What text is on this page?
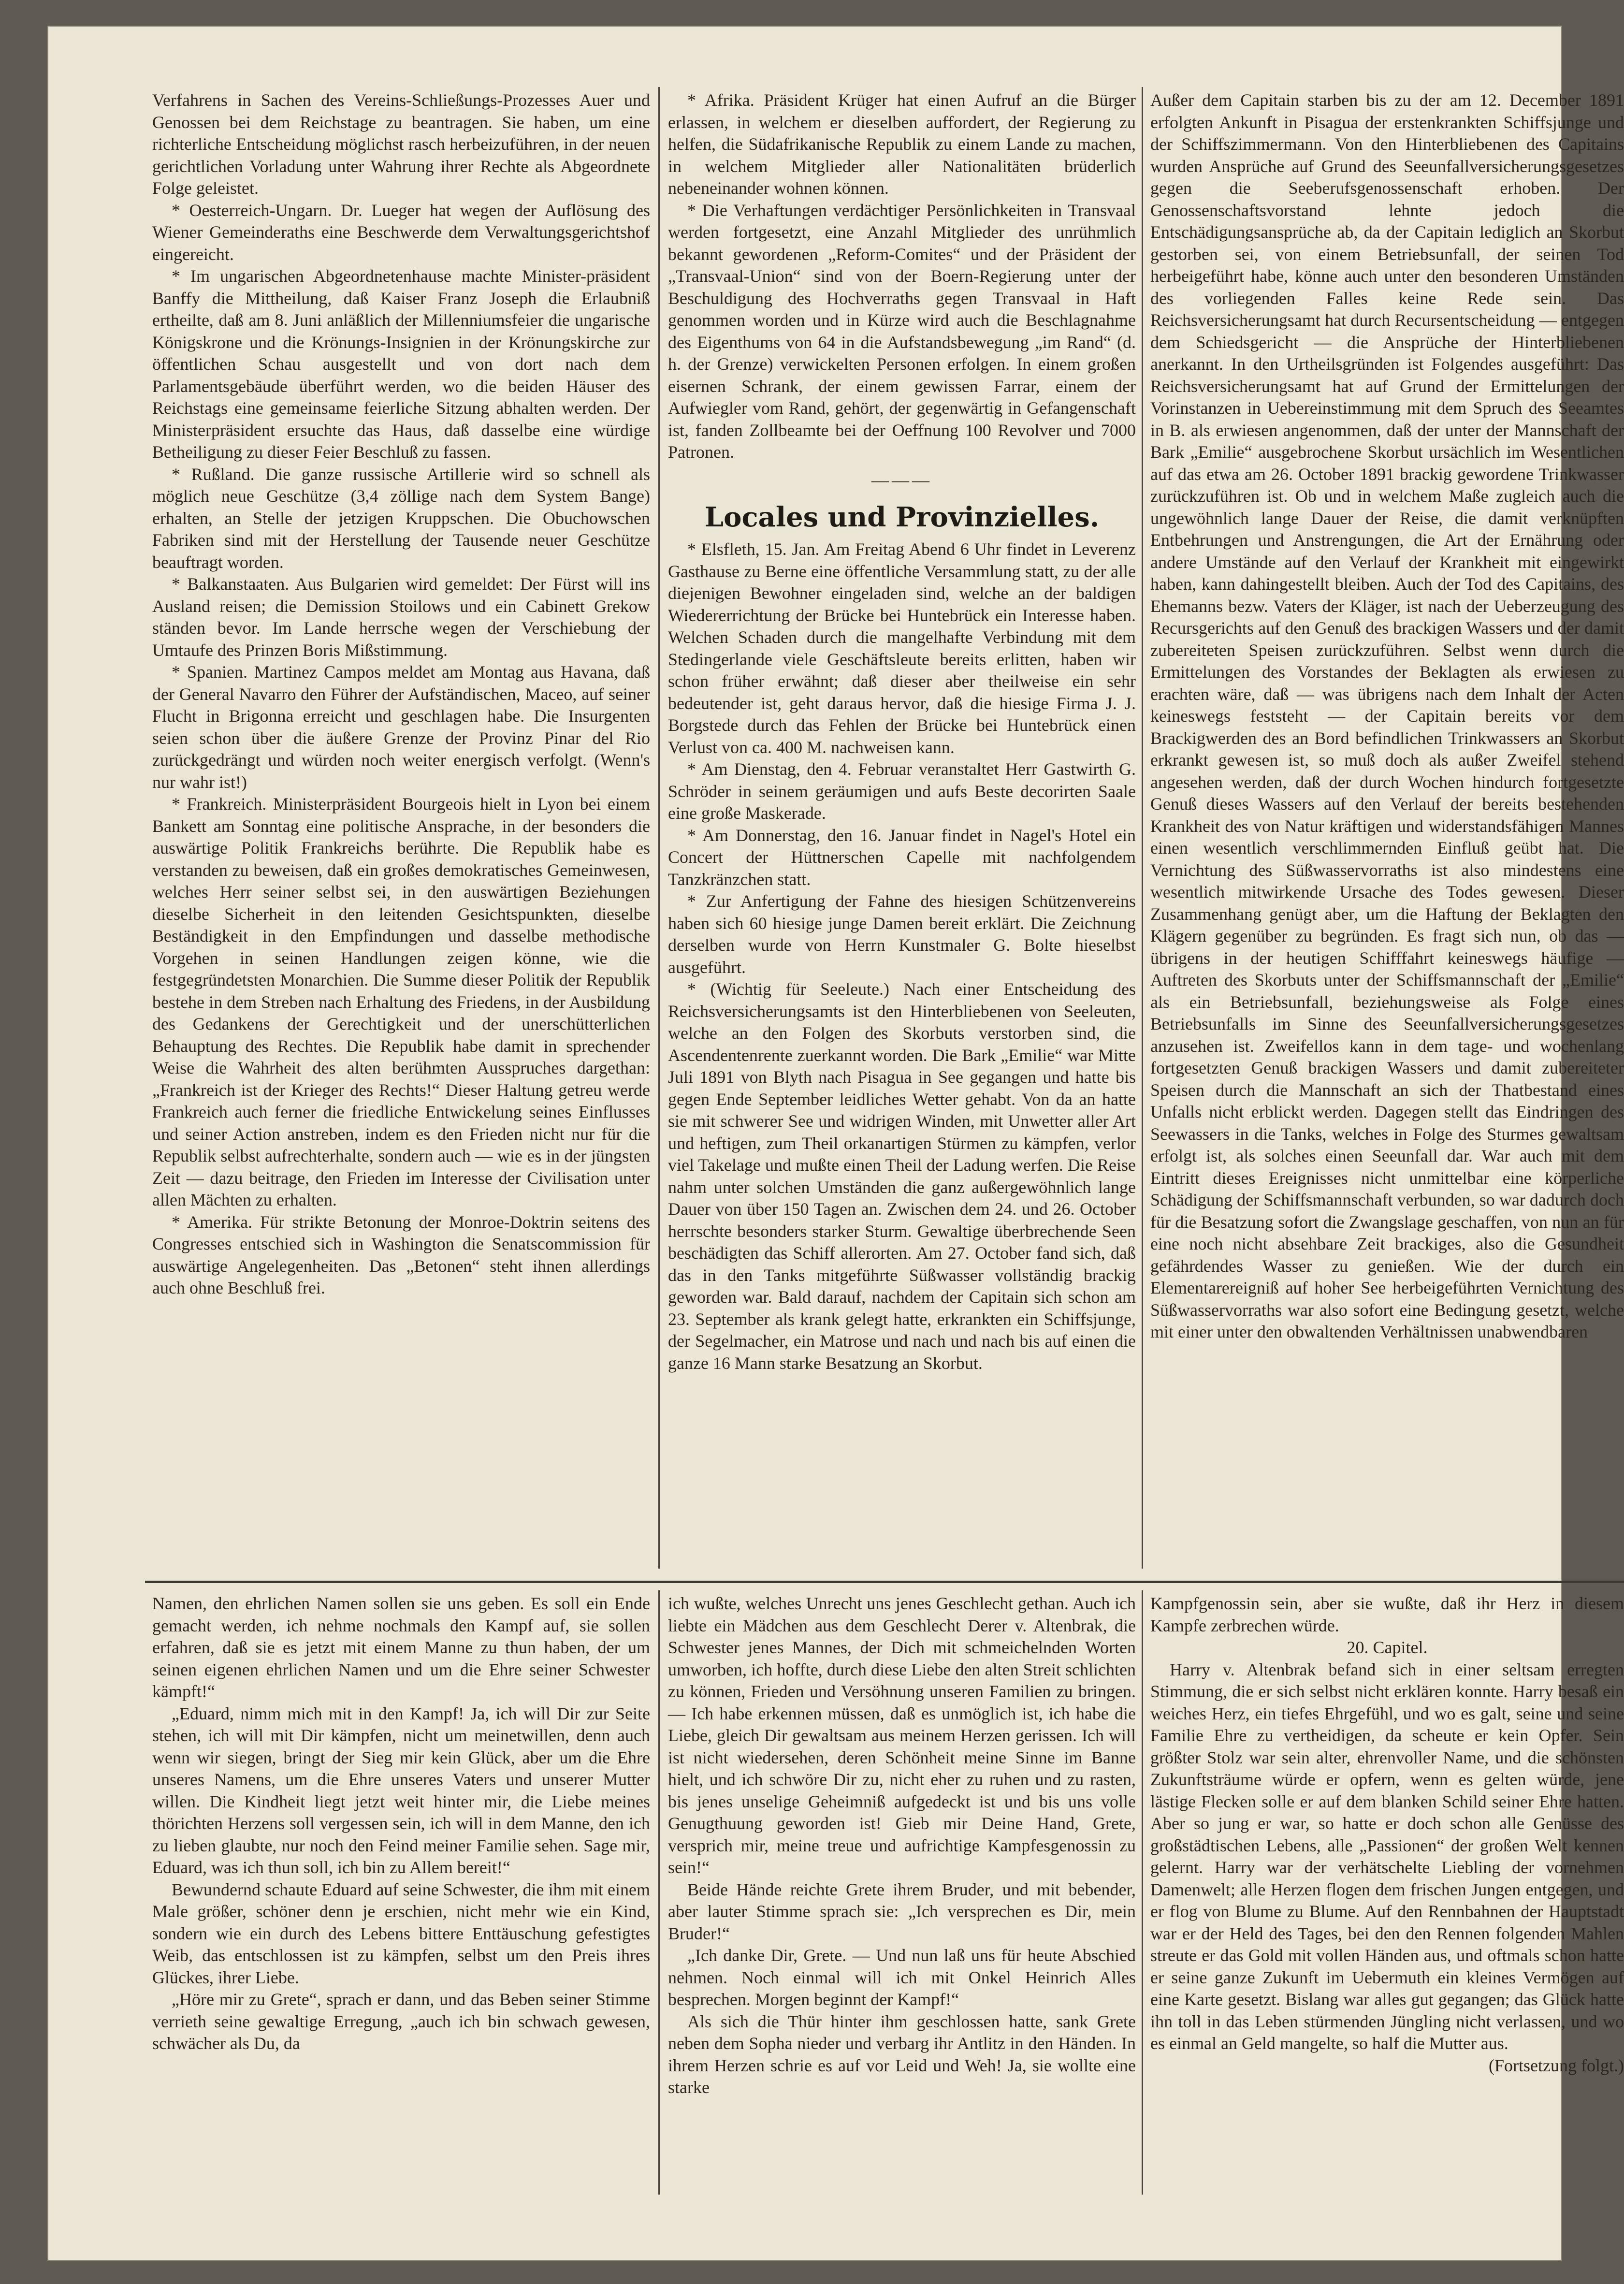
Verfahrens in Sachen des Vereins-Schließungs-Prozesses Auer und Genossen bei dem Reichstage zu beantragen. Sie haben, um eine richterliche Entscheidung möglichst rasch herbeizuführen, in der neuen gerichtlichen Vorladung unter Wahrung ihrer Rechte als Abgeordnete Folge geleistet.

* Oesterreich-Ungarn. Dr. Lueger hat wegen der Auflösung des Wiener Gemeinderaths eine Beschwerde dem Verwaltungsgerichtshof eingereicht.

* Im ungarischen Abgeordnetenhause machte Minister-präsident Banffy die Mittheilung, daß Kaiser Franz Joseph die Erlaubniß ertheilte, daß am 8. Juni anläßlich der Millenniumsfeier die ungarische Königskrone und die Krönungs-Insignien in der Krönungskirche zur öffentlichen Schau ausgestellt und von dort nach dem Parlamentsgebäude überführt werden, wo die beiden Häuser des Reichstags eine gemeinsame feierliche Sitzung abhalten werden. Der Ministerpräsident ersuchte das Haus, daß dasselbe eine würdige Betheiligung zu dieser Feier Beschluß zu fassen.

* Rußland. Die ganze russische Artillerie wird so schnell als möglich neue Geschütze (3,4 zöllige nach dem System Bange) erhalten, an Stelle der jetzigen Kruppschen. Die Obuchowschen Fabriken sind mit der Herstellung der Tausende neuer Geschütze beauftragt worden.

* Balkanstaaten. Aus Bulgarien wird gemeldet: Der Fürst will ins Ausland reisen; die Demission Stoilows und ein Cabinett Grekow ständen bevor. Im Lande herrsche wegen der Verschiebung der Umtaufe des Prinzen Boris Mißstimmung.

* Spanien. Martinez Campos meldet am Montag aus Havana, daß der General Navarro den Führer der Aufständischen, Maceo, auf seiner Flucht in Brigonna erreicht und geschlagen habe. Die Insurgenten seien schon über die äußere Grenze der Provinz Pinar del Rio zurückgedrängt und würden noch weiter energisch verfolgt. (Wenn's nur wahr ist!)

* Frankreich. Ministerpräsident Bourgeois hielt in Lyon bei einem Bankett am Sonntag eine politische Ansprache, in der besonders die auswärtige Politik Frankreichs berührte. Die Republik habe es verstanden zu beweisen, daß ein großes demokratisches Gemeinwesen, welches Herr seiner selbst sei, in den auswärtigen Beziehungen dieselbe Sicherheit in den leitenden Gesichtspunkten, dieselbe Beständigkeit in den Empfindungen und dasselbe methodische Vorgehen in seinen Handlungen zeigen könne, wie die festgegründetsten Monarchien. Die Summe dieser Politik der Republik bestehe in dem Streben nach Erhaltung des Friedens, in der Ausbildung des Gedankens der Gerechtigkeit und der unerschütterlichen Behauptung des Rechtes. Die Republik habe damit in sprechender Weise die Wahrheit des alten berühmten Ausspruches dargethan: „Frankreich ist der Krieger des Rechts!“ Dieser Haltung getreu werde Frankreich auch ferner die friedliche Entwickelung seines Einflusses und seiner Action anstreben, indem es den Frieden nicht nur für die Republik selbst aufrechterhalte, sondern auch — wie es in der jüngsten Zeit — dazu beitrage, den Frieden im Interesse der Civilisation unter allen Mächten zu erhalten.

* Amerika. Für strikte Betonung der Monroe-Doktrin seitens des Congresses entschied sich in Washington die Senatscommission für auswärtige Angelegenheiten. Das „Betonen“ steht ihnen allerdings auch ohne Beschluß frei.

* Afrika. Präsident Krüger hat einen Aufruf an die Bürger erlassen, in welchem er dieselben auffordert, der Regierung zu helfen, die Südafrikanische Republik zu einem Lande zu machen, in welchem Mitglieder aller Nationalitäten brüderlich nebeneinander wohnen können.

* Die Verhaftungen verdächtiger Persönlichkeiten in Transvaal werden fortgesetzt, eine Anzahl Mitglieder des unrühmlich bekannt gewordenen „Reform-Comites“ und der Präsident der „Transvaal-Union“ sind von der Boern-Regierung unter der Beschuldigung des Hochverraths gegen Transvaal in Haft genommen worden und in Kürze wird auch die Beschlagnahme des Eigenthums von 64 in die Aufstandsbewegung „im Rand“ (d. h. der Grenze) verwickelten Personen erfolgen. In einem großen eisernen Schrank, der einem gewissen Farrar, einem der Aufwiegler vom Rand, gehört, der gegenwärtig in Gefangenschaft ist, fanden Zollbeamte bei der Oeffnung 100 Revolver und 7000 Patronen.

———
Locales und Provinzielles.

* Elsfleth, 15. Jan. Am Freitag Abend 6 Uhr findet in Leverenz Gasthause zu Berne eine öffentliche Versammlung statt, zu der alle diejenigen Bewohner eingeladen sind, welche an der baldigen Wiedererrichtung der Brücke bei Huntebrück ein Interesse haben. Welchen Schaden durch die mangelhafte Verbindung mit dem Stedingerlande viele Geschäftsleute bereits erlitten, haben wir schon früher erwähnt; daß dieser aber theilweise ein sehr bedeutender ist, geht daraus hervor, daß die hiesige Firma J. J. Borgstede durch das Fehlen der Brücke bei Huntebrück einen Verlust von ca. 400 M. nachweisen kann.

* Am Dienstag, den 4. Februar veranstaltet Herr Gastwirth G. Schröder in seinem geräumigen und aufs Beste decorirten Saale eine große Maskerade.

* Am Donnerstag, den 16. Januar findet in Nagel's Hotel ein Concert der Hüttnerschen Capelle mit nachfolgendem Tanzkränzchen statt.

* Zur Anfertigung der Fahne des hiesigen Schützenvereins haben sich 60 hiesige junge Damen bereit erklärt. Die Zeichnung derselben wurde von Herrn Kunstmaler G. Bolte hieselbst ausgeführt.

* (Wichtig für Seeleute.) Nach einer Entscheidung des Reichsversicherungsamts ist den Hinterbliebenen von Seeleuten, welche an den Folgen des Skorbuts verstorben sind, die Ascendentenrente zuerkannt worden. Die Bark „Emilie“ war Mitte Juli 1891 von Blyth nach Pisagua in See gegangen und hatte bis gegen Ende September leidliches Wetter gehabt. Von da an hatte sie mit schwerer See und widrigen Winden, mit Unwetter aller Art und heftigen, zum Theil orkanartigen Stürmen zu kämpfen, verlor viel Takelage und mußte einen Theil der Ladung werfen. Die Reise nahm unter solchen Umständen die ganz außergewöhnlich lange Dauer von über 150 Tagen an. Zwischen dem 24. und 26. October herrschte besonders starker Sturm. Gewaltige überbrechende Seen beschädigten das Schiff allerorten. Am 27. October fand sich, daß das in den Tanks mitgeführte Süßwasser vollständig brackig geworden war. Bald darauf, nachdem der Capitain sich schon am 23. September als krank gelegt hatte, erkrankten ein Schiffsjunge, der Segelmacher, ein Matrose und nach und nach bis auf einen die ganze 16 Mann starke Besatzung an Skorbut.

Außer dem Capitain starben bis zu der am 12. December 1891 erfolgten Ankunft in Pisagua der erstenkrankten Schiffsjunge und der Schiffszimmermann. Von den Hinterbliebenen des Capitains wurden Ansprüche auf Grund des Seeunfallversicherungsgesetzes gegen die Seeberufsgenossenschaft erhoben. Der Genossenschaftsvorstand lehnte jedoch die Entschädigungsansprüche ab, da der Capitain lediglich an Skorbut gestorben sei, von einem Betriebsunfall, der seinen Tod herbeigeführt habe, könne auch unter den besonderen Umständen des vorliegenden Falles keine Rede sein. Das Reichsversicherungsamt hat durch Recursentscheidung — entgegen dem Schiedsgericht — die Ansprüche der Hinterbliebenen anerkannt. In den Urtheilsgründen ist Folgendes ausgeführt: Das Reichsversicherungsamt hat auf Grund der Ermittelungen der Vorinstanzen in Uebereinstimmung mit dem Spruch des Seeamtes in B. als erwiesen angenommen, daß der unter der Mannschaft der Bark „Emilie“ ausgebrochene Skorbut ursächlich im Wesentlichen auf das etwa am 26. October 1891 brackig gewordene Trinkwasser zurückzuführen ist. Ob und in welchem Maße zugleich auch die ungewöhnlich lange Dauer der Reise, die damit verknüpften Entbehrungen und Anstrengungen, die Art der Ernährung oder andere Umstände auf den Verlauf der Krankheit mit eingewirkt haben, kann dahingestellt bleiben. Auch der Tod des Capitains, des Ehemanns bezw. Vaters der Kläger, ist nach der Ueberzeugung des Recursgerichts auf den Genuß des brackigen Wassers und der damit zubereiteten Speisen zurückzuführen. Selbst wenn durch die Ermittelungen des Vorstandes der Beklagten als erwiesen zu erachten wäre, daß — was übrigens nach dem Inhalt der Acten keineswegs feststeht — der Capitain bereits vor dem Brackigwerden des an Bord befindlichen Trinkwassers an Skorbut erkrankt gewesen ist, so muß doch als außer Zweifel stehend angesehen werden, daß der durch Wochen hindurch fortgesetzte Genuß dieses Wassers auf den Verlauf der bereits bestehenden Krankheit des von Natur kräftigen und widerstandsfähigen Mannes einen wesentlich verschlimmernden Einfluß geübt hat. Die Vernichtung des Süßwasservorraths ist also mindestens eine wesentlich mitwirkende Ursache des Todes gewesen. Dieser Zusammenhang genügt aber, um die Haftung der Beklagten den Klägern gegenüber zu begründen. Es fragt sich nun, ob das — übrigens in der heutigen Schifffahrt keineswegs häufige — Auftreten des Skorbuts unter der Schiffsmannschaft der „Emilie“ als ein Betriebsunfall, beziehungsweise als Folge eines Betriebsunfalls im Sinne des Seeunfallversicherungsgesetzes anzusehen ist. Zweifellos kann in dem tage- und wochenlang fortgesetzten Genuß brackigen Wassers und damit zubereiteter Speisen durch die Mannschaft an sich der Thatbestand eines Unfalls nicht erblickt werden. Dagegen stellt das Eindringen des Seewassers in die Tanks, welches in Folge des Sturmes gewaltsam erfolgt ist, als solches einen Seeunfall dar. War auch mit dem Eintritt dieses Ereignisses nicht unmittelbar eine körperliche Schädigung der Schiffsmannschaft verbunden, so war dadurch doch für die Besatzung sofort die Zwangslage geschaffen, von nun an für eine noch nicht absehbare Zeit brackiges, also die Gesundheit gefährdendes Wasser zu genießen. Wie der durch ein Elementarereigniß auf hoher See herbeigeführten Vernichtung des Süßwasservorraths war also sofort eine Bedingung gesetzt, welche mit einer unter den obwaltenden Verhältnissen unabwendbaren

Namen, den ehrlichen Namen sollen sie uns geben. Es soll ein Ende gemacht werden, ich nehme nochmals den Kampf auf, sie sollen erfahren, daß sie es jetzt mit einem Manne zu thun haben, der um seinen eigenen ehrlichen Namen und um die Ehre seiner Schwester kämpft!“

„Eduard, nimm mich mit in den Kampf! Ja, ich will Dir zur Seite stehen, ich will mit Dir kämpfen, nicht um meinetwillen, denn auch wenn wir siegen, bringt der Sieg mir kein Glück, aber um die Ehre unseres Namens, um die Ehre unseres Vaters und unserer Mutter willen. Die Kindheit liegt jetzt weit hinter mir, die Liebe meines thörichten Herzens soll vergessen sein, ich will in dem Manne, den ich zu lieben glaubte, nur noch den Feind meiner Familie sehen. Sage mir, Eduard, was ich thun soll, ich bin zu Allem bereit!“

Bewundernd schaute Eduard auf seine Schwester, die ihm mit einem Male größer, schöner denn je erschien, nicht mehr wie ein Kind, sondern wie ein durch des Lebens bittere Enttäuschung gefestigtes Weib, das entschlossen ist zu kämpfen, selbst um den Preis ihres Glückes, ihrer Liebe.

„Höre mir zu Grete“, sprach er dann, und das Beben seiner Stimme verrieth seine gewaltige Erregung, „auch ich bin schwach gewesen, schwächer als Du, da

ich wußte, welches Unrecht uns jenes Geschlecht gethan. Auch ich liebte ein Mädchen aus dem Geschlecht Derer v. Altenbrak, die Schwester jenes Mannes, der Dich mit schmeichelnden Worten umworben, ich hoffte, durch diese Liebe den alten Streit schlichten zu können, Frieden und Versöhnung unseren Familien zu bringen. — Ich habe erkennen müssen, daß es unmöglich ist, ich habe die Liebe, gleich Dir gewaltsam aus meinem Herzen gerissen. Ich will ist nicht wiedersehen, deren Schönheit meine Sinne im Banne hielt, und ich schwöre Dir zu, nicht eher zu ruhen und zu rasten, bis jenes unselige Geheimniß aufgedeckt ist und bis uns volle Genugthuung geworden ist! Gieb mir Deine Hand, Grete, versprich mir, meine treue und aufrichtige Kampfesgenossin zu sein!“

Beide Hände reichte Grete ihrem Bruder, und mit bebender, aber lauter Stimme sprach sie: „Ich versprechen es Dir, mein Bruder!“

„Ich danke Dir, Grete. — Und nun laß uns für heute Abschied nehmen. Noch einmal will ich mit Onkel Heinrich Alles besprechen. Morgen beginnt der Kampf!“

Als sich die Thür hinter ihm geschlossen hatte, sank Grete neben dem Sopha nieder und verbarg ihr Antlitz in den Händen. In ihrem Herzen schrie es auf vor Leid und Weh! Ja, sie wollte eine starke

Kampfgenossin sein, aber sie wußte, daß ihr Herz in diesem Kampfe zerbrechen würde.

20. Capitel.

Harry v. Altenbrak befand sich in einer seltsam erregten Stimmung, die er sich selbst nicht erklären konnte. Harry besaß ein weiches Herz, ein tiefes Ehrgefühl, und wo es galt, seine und seine Familie Ehre zu vertheidigen, da scheute er kein Opfer. Sein größter Stolz war sein alter, ehrenvoller Name, und die schönsten Zukunftsträume würde er opfern, wenn es gelten würde, jene lästige Flecken solle er auf dem blanken Schild seiner Ehre hatten. Aber so jung er war, so hatte er doch schon alle Genüsse des großstädtischen Lebens, alle „Passionen“ der großen Welt kennen gelernt. Harry war der verhätschelte Liebling der vornehmen Damenwelt; alle Herzen flogen dem frischen Jungen entgegen, und er flog von Blume zu Blume. Auf den Rennbahnen der Hauptstadt war er der Held des Tages, bei den den Rennen folgenden Mahlen streute er das Gold mit vollen Händen aus, und oftmals schon hatte er seine ganze Zukunft im Uebermuth ein kleines Vermögen auf eine Karte gesetzt. Bislang war alles gut gegangen; das Glück hatte ihn toll in das Leben stürmenden Jüngling nicht verlassen, und wo es einmal an Geld mangelte, so half die Mutter aus.

(Fortsetzung folgt.)
